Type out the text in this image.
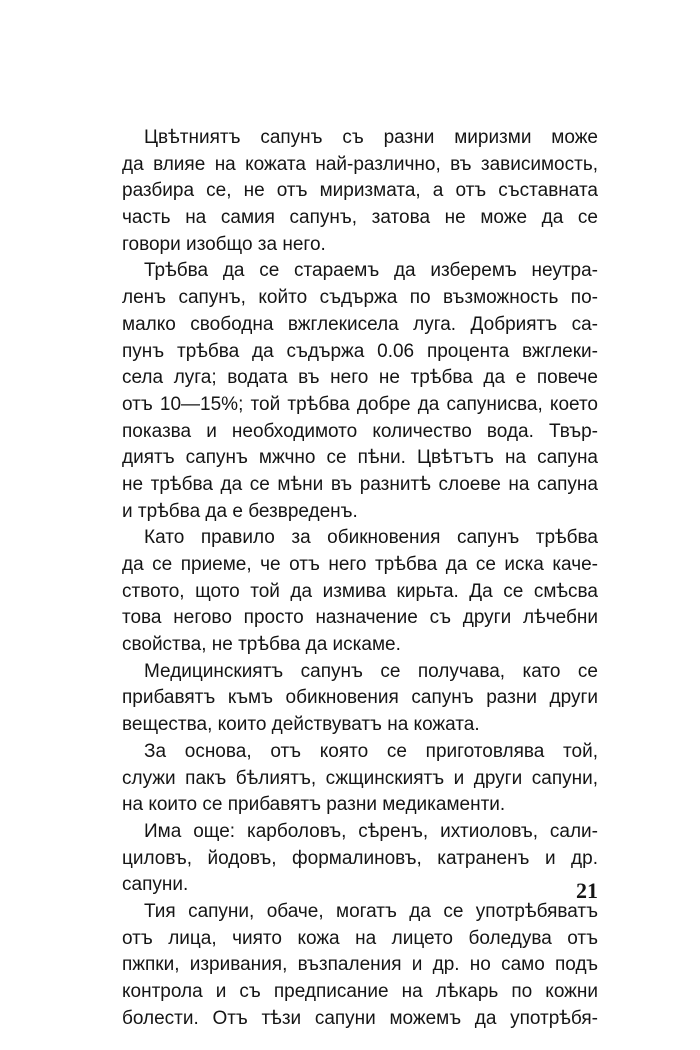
Цвѣтниятъ сапунъ съ разни миризми може
да влияе на кожата най-различно, въ зависимость,
разбира се, не отъ миризмата, а отъ съставната
часть на самия сапунъ, затова не може да се
говори изобщо за него.
Трѣбва да се стараемъ да изберемъ неутра-
ленъ сапунъ, който съдържа по възможность по-
малко свободна вжглекисела луга. Добриятъ са-
пунъ трѣбва да съдържа 0.06 процента вжглеки-
села луга; водата въ него не трѣбва да е повече
отъ 10—15%; той трѣбва добре да сапунисва, което
показва и необходимото количество вода. Твър-
диятъ сапунъ мжчно се пѣни. Цвѣтътъ на сапуна
не трѣбва да се мѣни въ разнитѣ слоеве на сапуна
и трѣбва да е безвреденъ.
Като правило за обикновения сапунъ трѣбва
да се приеме, че отъ него трѣбва да се иска каче-
ството, щото той да измива кирьта. Да се смѣсва
това негово просто назначение съ други лѣчебни
свойства, не трѣбва да искаме.
Медицинскиятъ сапунъ се получава, като се
прибавятъ къмъ обикновения сапунъ разни други
вещества, които действуватъ на кожата.
За основа, отъ която се приготовлява той,
служи пакъ бѣлиятъ, сжщинскиятъ и други сапуни,
на които се прибавятъ разни медикаменти.
Има още: карболовъ, сѣренъ, ихтиоловъ, сали-
циловъ, йодовъ, формалиновъ, катраненъ и др.
сапуни.
Тия сапуни, обаче, могатъ да се употрѣбяватъ
отъ лица, чиято кожа на лицето боледува отъ
пжпки, изривания, възпаления и др. но само подъ
контрола и съ предписание на лѣкарь по кожни
болести. Отъ тѣзи сапуни можемъ да употрѣбя-
21
